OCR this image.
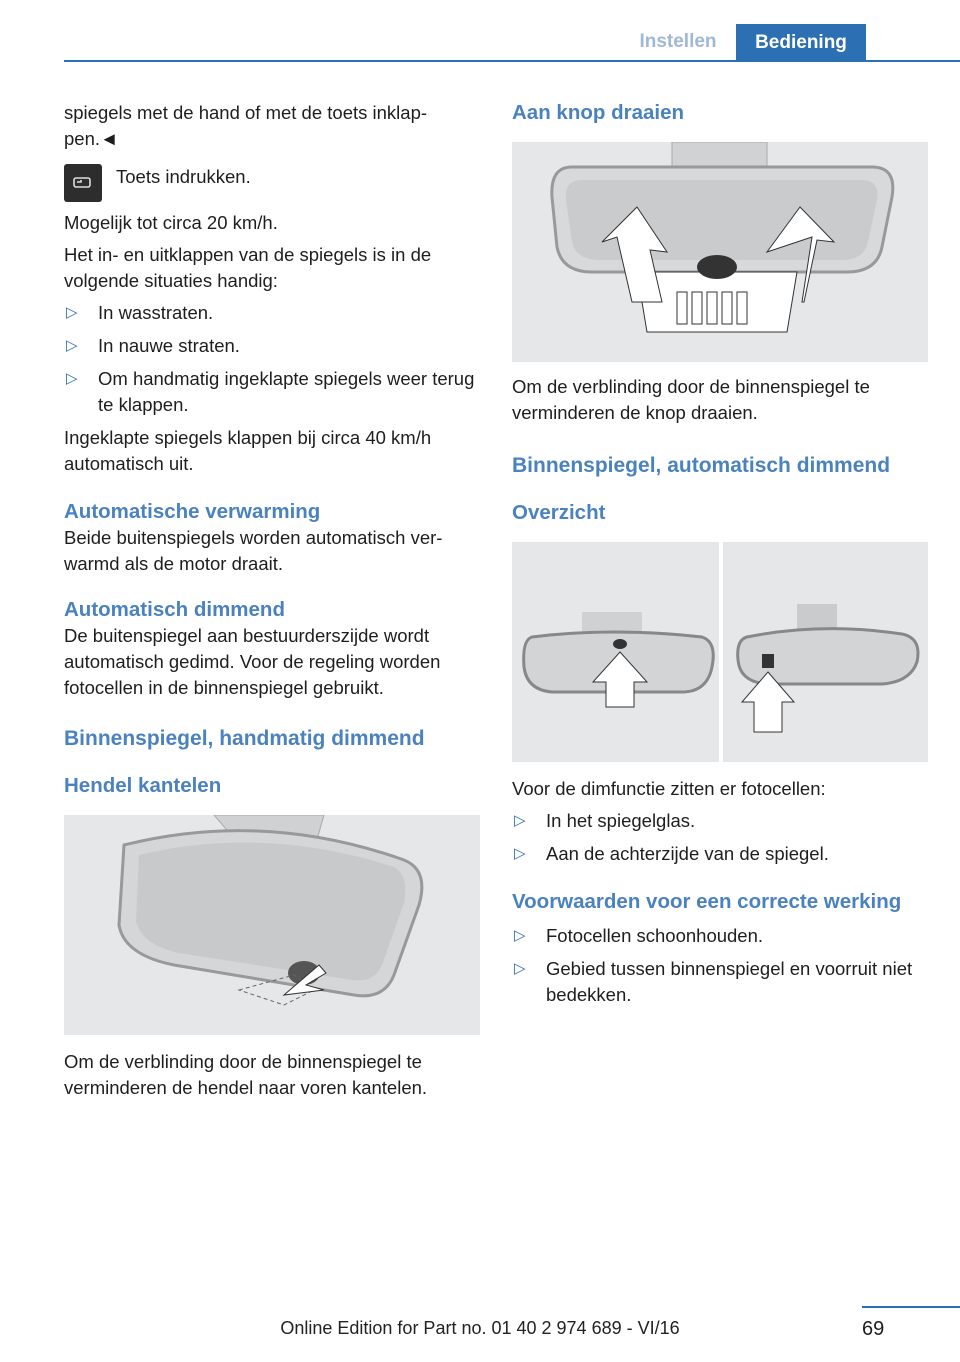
Instellen	Bediening

spiegels met de hand of met de toets inklap-pen.◄

Toets indrukken.

Mogelijk tot circa 20 km/h.

Het in- en uitklappen van de spiegels is in de volgende situaties handig:

▷ In wasstraten.
▷ In nauwe straten.
▷ Om handmatig ingeklapte spiegels weer terug te klappen.

Ingeklapte spiegels klappen bij circa 40 km/h automatisch uit.

Automatische verwarming

Beide buitenspiegels worden automatisch ver-warmd als de motor draait.

Automatisch dimmend

De buitenspiegel aan bestuurderszijde wordt automatisch gedimd. Voor de regeling worden fotocellen in de binnenspiegel gebruikt.

Binnenspiegel, handmatig dimmend
Hendel kantelen

Om de verblinding door de binnenspiegel te verminderen de hendel naar voren kantelen.

Aan knop draaien

Om de verblinding door de binnenspiegel te verminderen de knop draaien.

Binnenspiegel, automatisch dimmend
Overzicht

Voor de dimfunctie zitten er fotocellen:

▷ In het spiegelglas.
▷ Aan de achterzijde van de spiegel.
Voorwaarden voor een correcte werking
▷ Fotocellen schoonhouden.
▷ Gebied tussen binnenspiegel en voorruit niet bedekken.
69
Online Edition for Part no. 01 40 2 974 689 - VI/16
